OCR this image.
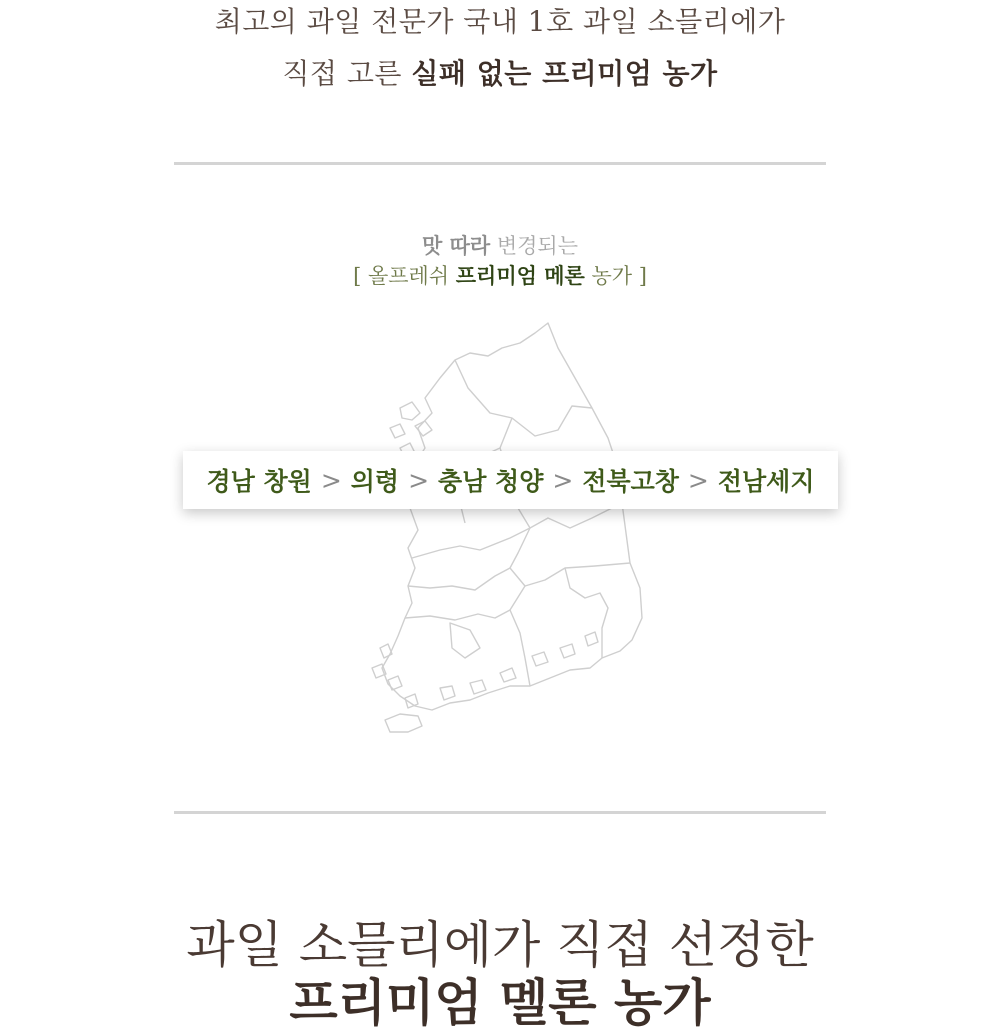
최고의 과일 전문가 국내 1호 과일 소믈리에가
직접 고른 실패 없는 프리미엄 농가
맛 따라 변경되는
[ 올프레쉬 프리미엄 메론 농가 ]
경남 창원 > 의령 > 충남 청양 > 전북고창 > 전남세지
과일 소믈리에가 직접 선정한
프리미엄 멜론 농가
